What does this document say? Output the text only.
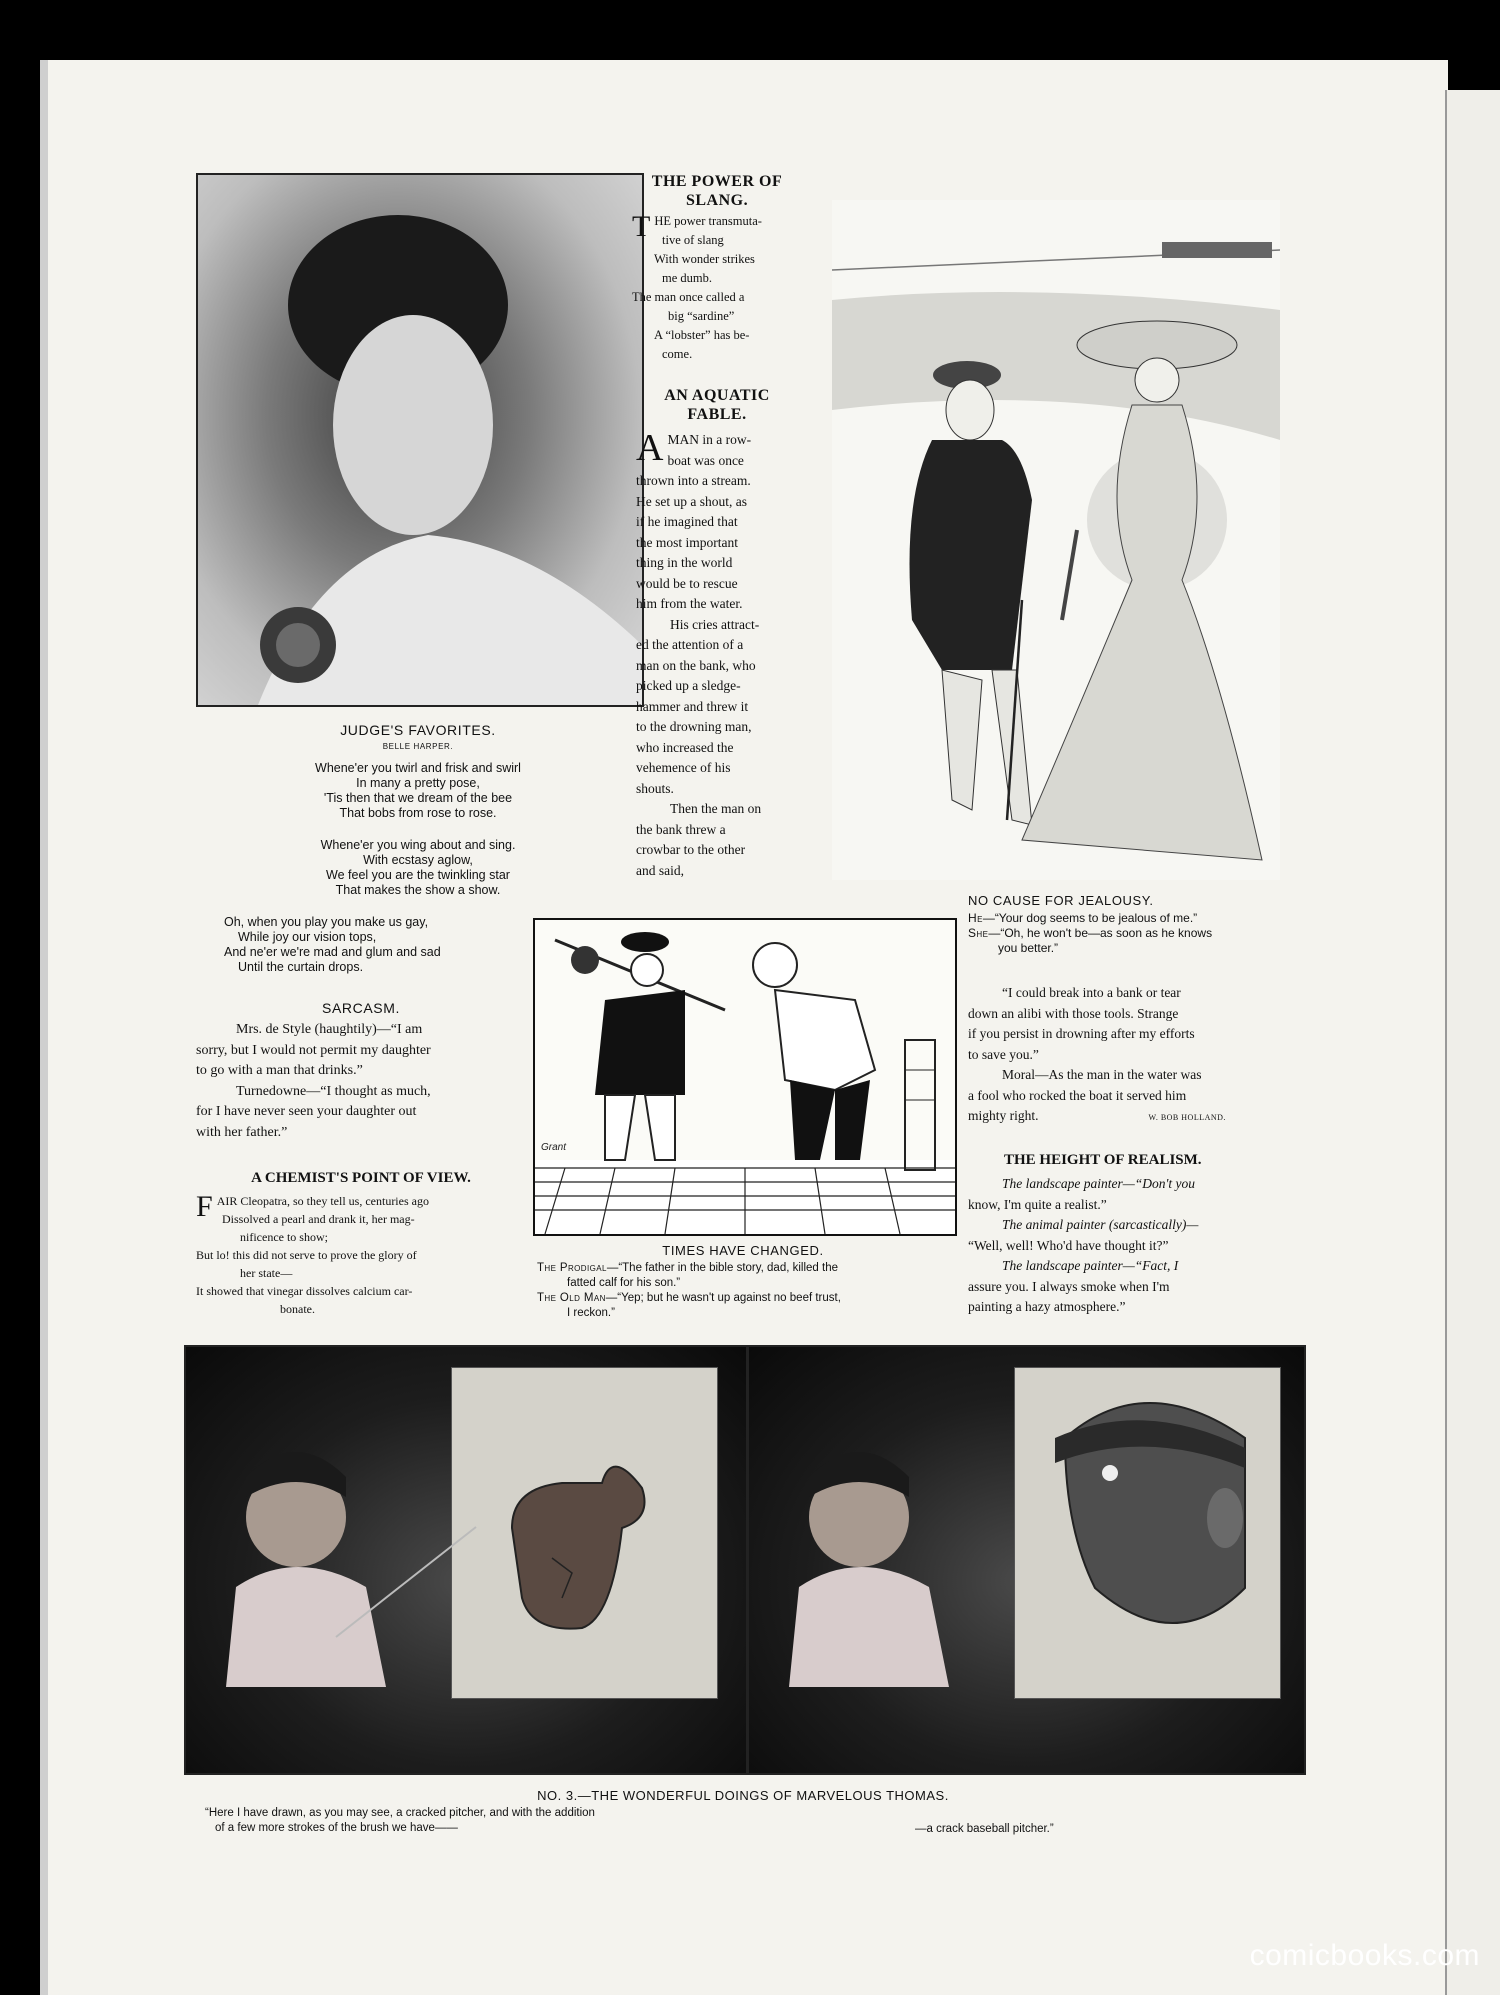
JUDGE'S FAVORITES.
BELLE HARPER.
Whene'er you twirl and frisk and swirl
In many a pretty pose,
'Tis then that we dream of the bee
That bobs from rose to rose.
Whene'er you wing about and sing.
With ecstasy aglow,
We feel you are the twinkling star
That makes the show a show.
Oh, when you play you make us gay,
While joy our vision tops,
And ne'er we're mad and glum and sad
Until the curtain drops.
SARCASM.
Mrs. de Style (haughtily)—“I am
sorry, but I would not permit my daughter
to go with a man that drinks.”
Turnedowne—“I thought as much,
for I have never seen your daughter out
with her father.”
A CHEMIST'S POINT OF VIEW.
F AIR Cleopatra, so they tell us, centuries ago
Dissolved a pearl and drank it, her mag-
nificence to show;
But lo! this did not serve to prove the glory of
her state—
It showed that vinegar dissolves calcium car-
bonate.
THE POWER OF
SLANG.
T HE power transmuta-
tive of slang
With wonder strikes
me dumb.
The man once called a
big “sardine”
A “lobster” has be-
come.
AN AQUATIC
FABLE.
A MAN in a row-
boat was once
thrown into a stream.
He set up a shout, as
if he imagined that
the most important
thing in the world
would be to rescue
him from the water.
His cries attract-
ed the attention of a
man on the bank, who
picked up a sledge-
hammer and threw it
to the drowning man,
who increased the
vehemence of his
shouts.
Then the man on
the bank threw a
crowbar to the other
and said,
NO CAUSE FOR JEALOUSY.
He—“Your dog seems to be jealous of me.”
She—“Oh, he won't be—as soon as he knows
you better.”
“I could break into a bank or tear
down an alibi with those tools. Strange
if you persist in drowning after my efforts
to save you.”
Moral—As the man in the water was
a fool who rocked the boat it served him
mighty right.	W. BOB HOLLAND.
THE HEIGHT OF REALISM.
The landscape painter—“Don't you
know, I'm quite a realist.”
The animal painter (sarcastically)—
“Well, well! Who'd have thought it?”
The landscape painter—“Fact, I
assure you. I always smoke when I'm
painting a hazy atmosphere.”
Grant
TIMES HAVE CHANGED.
The Prodigal—“The father in the bible story, dad, killed the
fatted calf for his son.”
The Old Man—“Yep; but he wasn't up against no beef trust,
I reckon.”
NO. 3.—THE WONDERFUL DOINGS OF MARVELOUS THOMAS.
“Here I have drawn, as you may see, a cracked pitcher, and with the addition
of a few more strokes of the brush we have——	—a crack baseball pitcher.”
comicbooks.com
